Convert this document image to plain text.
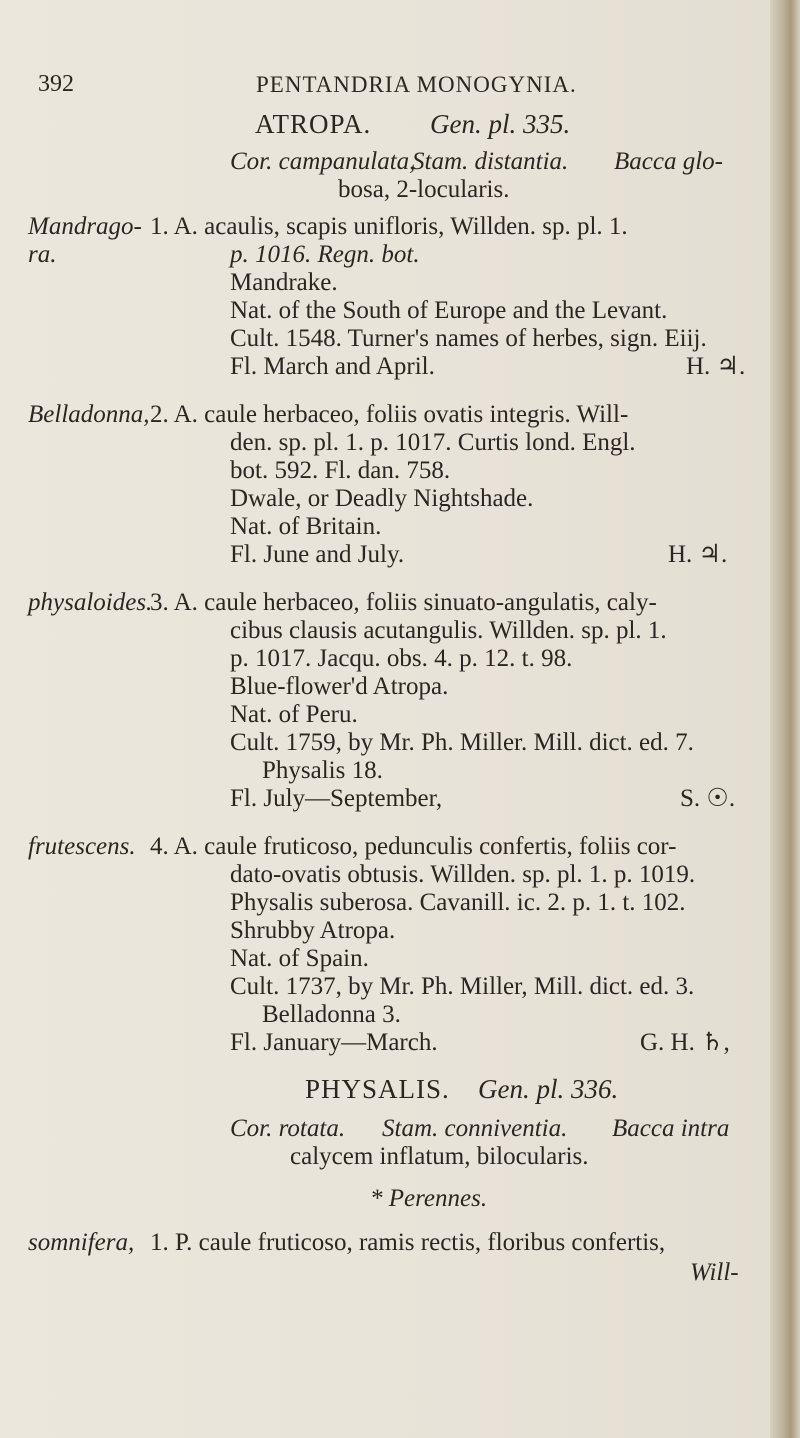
392	PENTANDRIA MONOGYNIA.
ATROPA. Gen. pl. 335.
Cor. campanulata,
Stam. distantia. Bacca glo-
bosa, 2-locularis.
Mandrago-
ra.
1. A. acaulis, scapis unifloris, Willden. sp. pl. 1.
p. 1016. Regn. bot.
Mandrake.
Nat. of the South of Europe and the Levant.
Cult. 1548. Turner's names of herbes, sign. Eiij.
Fl. March and April.	H. ♃.
Belladonna, 2. A. caule herbaceo, foliis ovatis integris. Will-
den. sp. pl. 1. p. 1017. Curtis lond. Engl.
bot. 592. Fl. dan. 758.
Dwale, or Deadly Nightshade.
Nat. of Britain.
Fl. June and July.	H. ♃.
physaloides.
3. A. caule herbaceo, foliis sinuato-angulatis, caly-
cibus clausis acutangulis. Willden. sp. pl. 1.
p. 1017. Jacqu. obs. 4. p. 12. t. 98.
Blue-flower'd Atropa.
Nat. of Peru.
Cult. 1759, by Mr. Ph. Miller. Mill. dict. ed. 7.
Physalis 18.
Fl. July—September,	S. ☉.
frutescens. 4. A. caule fruticoso, pedunculis confertis, foliis cor-
dato-ovatis obtusis. Willden. sp. pl. 1. p. 1019.
Physalis suberosa. Cavanill. ic. 2. p. 1. t. 102.
Shrubby Atropa.
Nat. of Spain.
Cult. 1737, by Mr. Ph. Miller, Mill. dict. ed. 3.
Belladonna 3.
Fl. January—March.	G. H. ♄,
PHYSALIS. Gen. pl. 336.
Cor. rotata. Stam. conniventia. Bacca intra
calycem inflatum, bilocularis.
* Perennes.
somnifera, 1. P. caule fruticoso, ramis rectis, floribus confertis,
Will-
